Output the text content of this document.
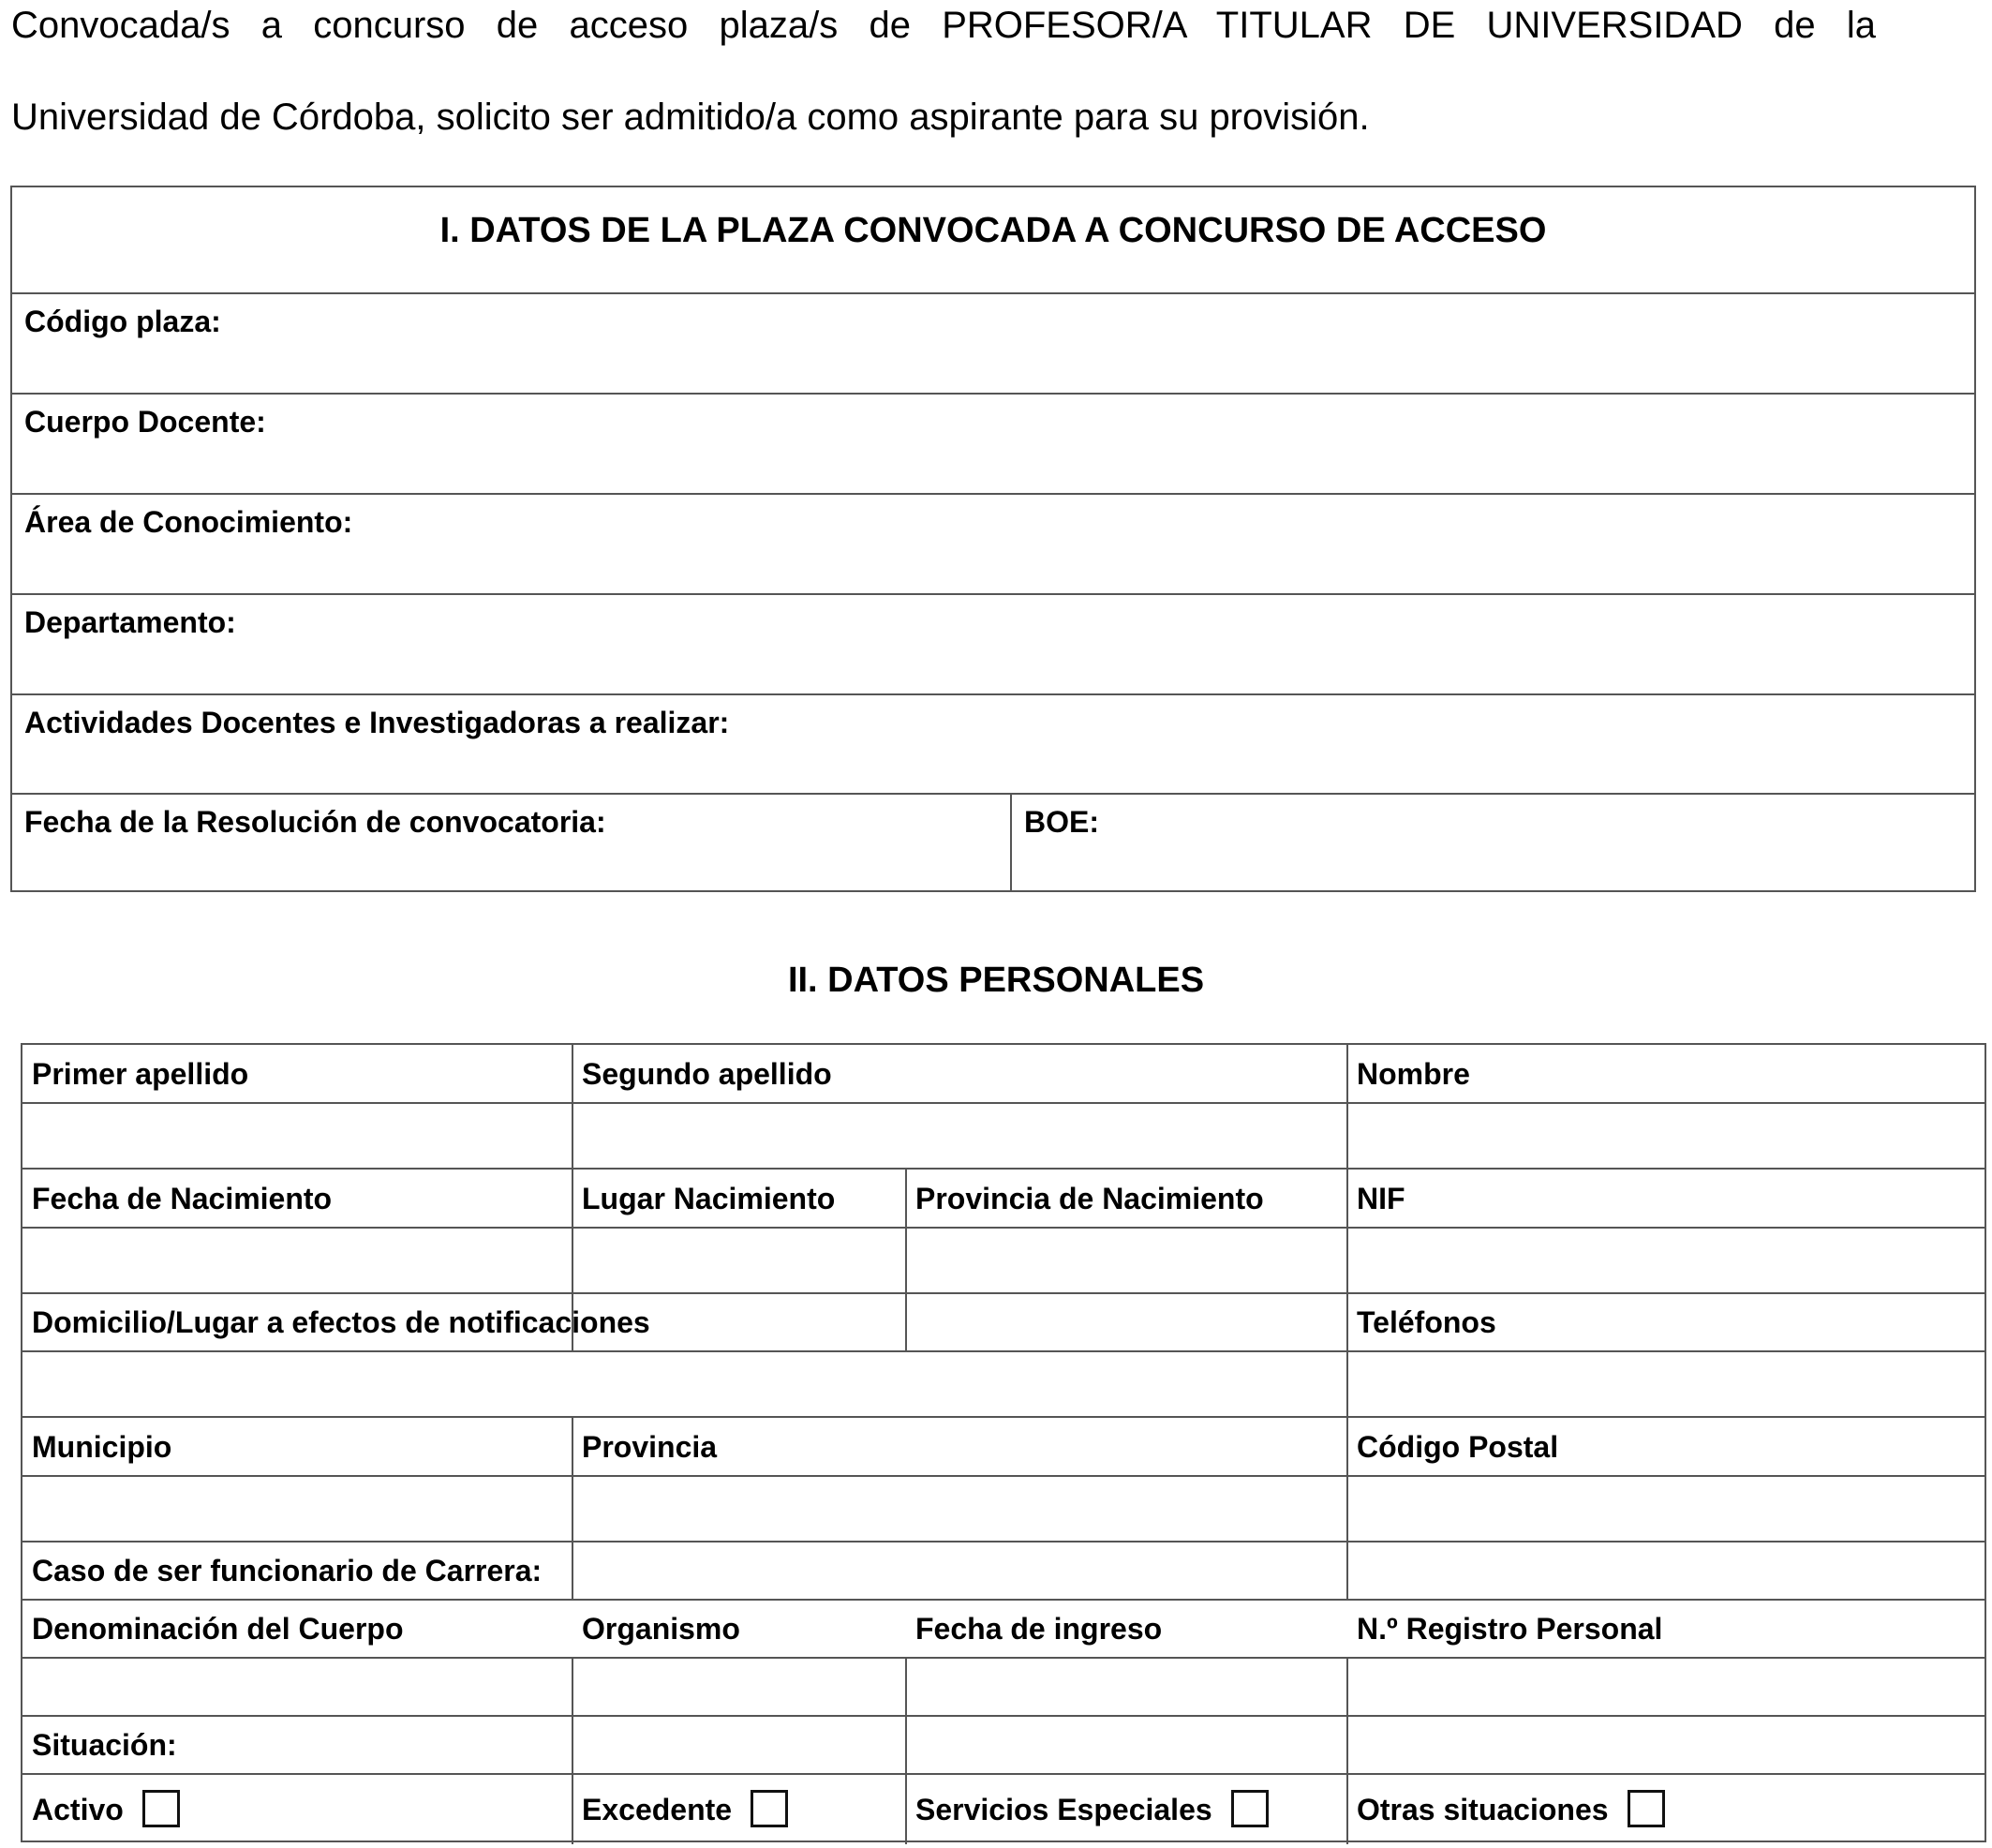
Convocada/s a concurso de acceso plaza/s de PROFESOR/A TITULAR DE UNIVERSIDAD de la

Universidad de Córdoba, solicito ser admitido/a como aspirante para su provisión.

I. DATOS DE LA PLAZA CONVOCADA A CONCURSO DE ACCESO
Código plaza:
Cuerpo Docente:
Área de Conocimiento:
Departamento:
Actividades Docentes e Investigadoras a realizar:
Fecha de la Resolución de convocatoria:	BOE:
II. DATOS PERSONALES
Primer apellido	Segundo apellido	Nombre
Fecha de Nacimiento	Lugar Nacimiento	Provincia de Nacimiento	NIF
Domicilio/Lugar a efectos de notificaciones	Teléfonos
Municipio	Provincia	Código Postal
Caso de ser funcionario de Carrera:
Denominación del Cuerpo	Organismo	Fecha de ingreso	N.º Registro Personal
Situación:
Activo	Excedente	Servicios Especiales	Otras situaciones
